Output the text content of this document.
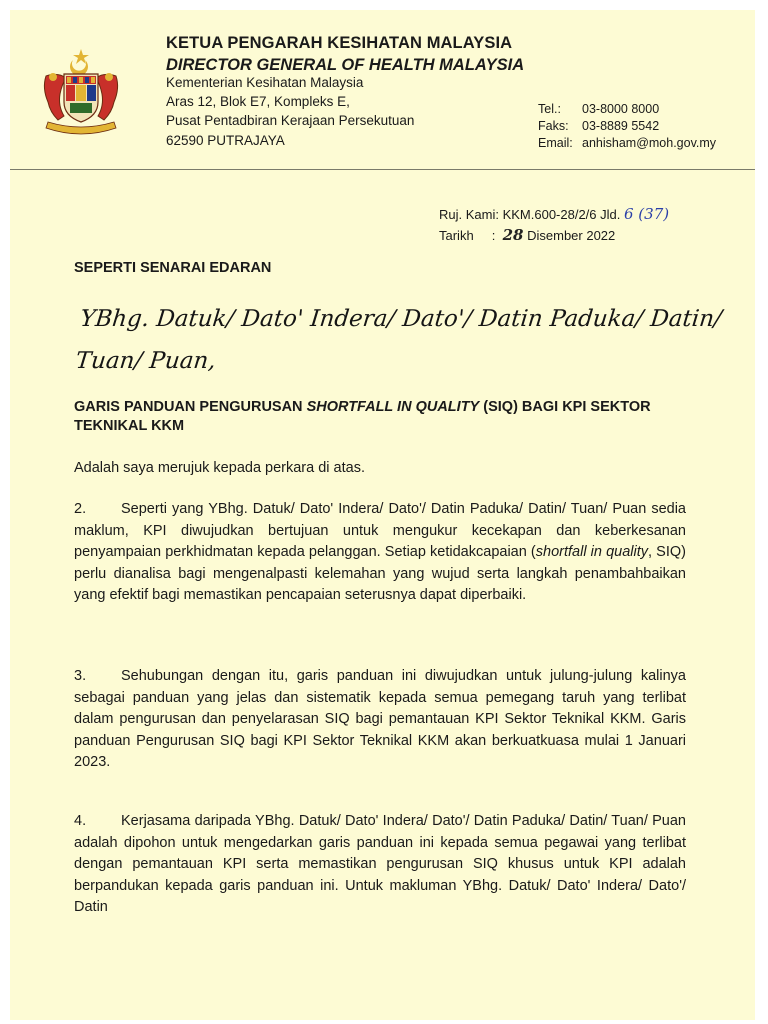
KETUA PENGARAH KESIHATAN MALAYSIA
DIRECTOR GENERAL OF HEALTH MALAYSIA
Kementerian Kesihatan Malaysia
Aras 12, Blok E7, Kompleks E,
Pusat Pentadbiran Kerajaan Persekutuan
62590 PUTRAJAYA
Tel.: 03-8000 8000
Faks: 03-8889 5542
Email: anhisham@moh.gov.my
Ruj. Kami: KKM.600-28/2/6 Jld. 6 (37)
Tarikh : 28 Disember 2022
SEPERTI SENARAI EDARAN
YBhg. Datuk/ Dato' Indera/ Dato'/ Datin Paduka/ Datin/
Tuan/ Puan,
GARIS PANDUAN PENGURUSAN SHORTFALL IN QUALITY (SIQ) BAGI KPI SEKTOR TEKNIKAL KKM
Adalah saya merujuk kepada perkara di atas.
2. Seperti yang YBhg. Datuk/ Dato' Indera/ Dato'/ Datin Paduka/ Datin/ Tuan/ Puan sedia maklum, KPI diwujudkan bertujuan untuk mengukur kecekapan dan keberkesanan penyampaian perkhidmatan kepada pelanggan. Setiap ketidakcapaian (shortfall in quality, SIQ) perlu dianalisa bagi mengenalpasti kelemahan yang wujud serta langkah penambahbaikan yang efektif bagi memastikan pencapaian seterusnya dapat diperbaiki.
3. Sehubungan dengan itu, garis panduan ini diwujudkan untuk julung-julung kalinya sebagai panduan yang jelas dan sistematik kepada semua pemegang taruh yang terlibat dalam pengurusan dan penyelarasan SIQ bagi pemantauan KPI Sektor Teknikal KKM. Garis panduan Pengurusan SIQ bagi KPI Sektor Teknikal KKM akan berkuatkuasa mulai 1 Januari 2023.
4. Kerjasama daripada YBhg. Datuk/ Dato' Indera/ Dato'/ Datin Paduka/ Datin/ Tuan/ Puan adalah dipohon untuk mengedarkan garis panduan ini kepada semua pegawai yang terlibat dengan pemantauan KPI serta memastikan pengurusan SIQ khusus untuk KPI adalah berpandukan kepada garis panduan ini. Untuk makluman YBhg. Datuk/ Dato' Indera/ Dato'/ Datin
